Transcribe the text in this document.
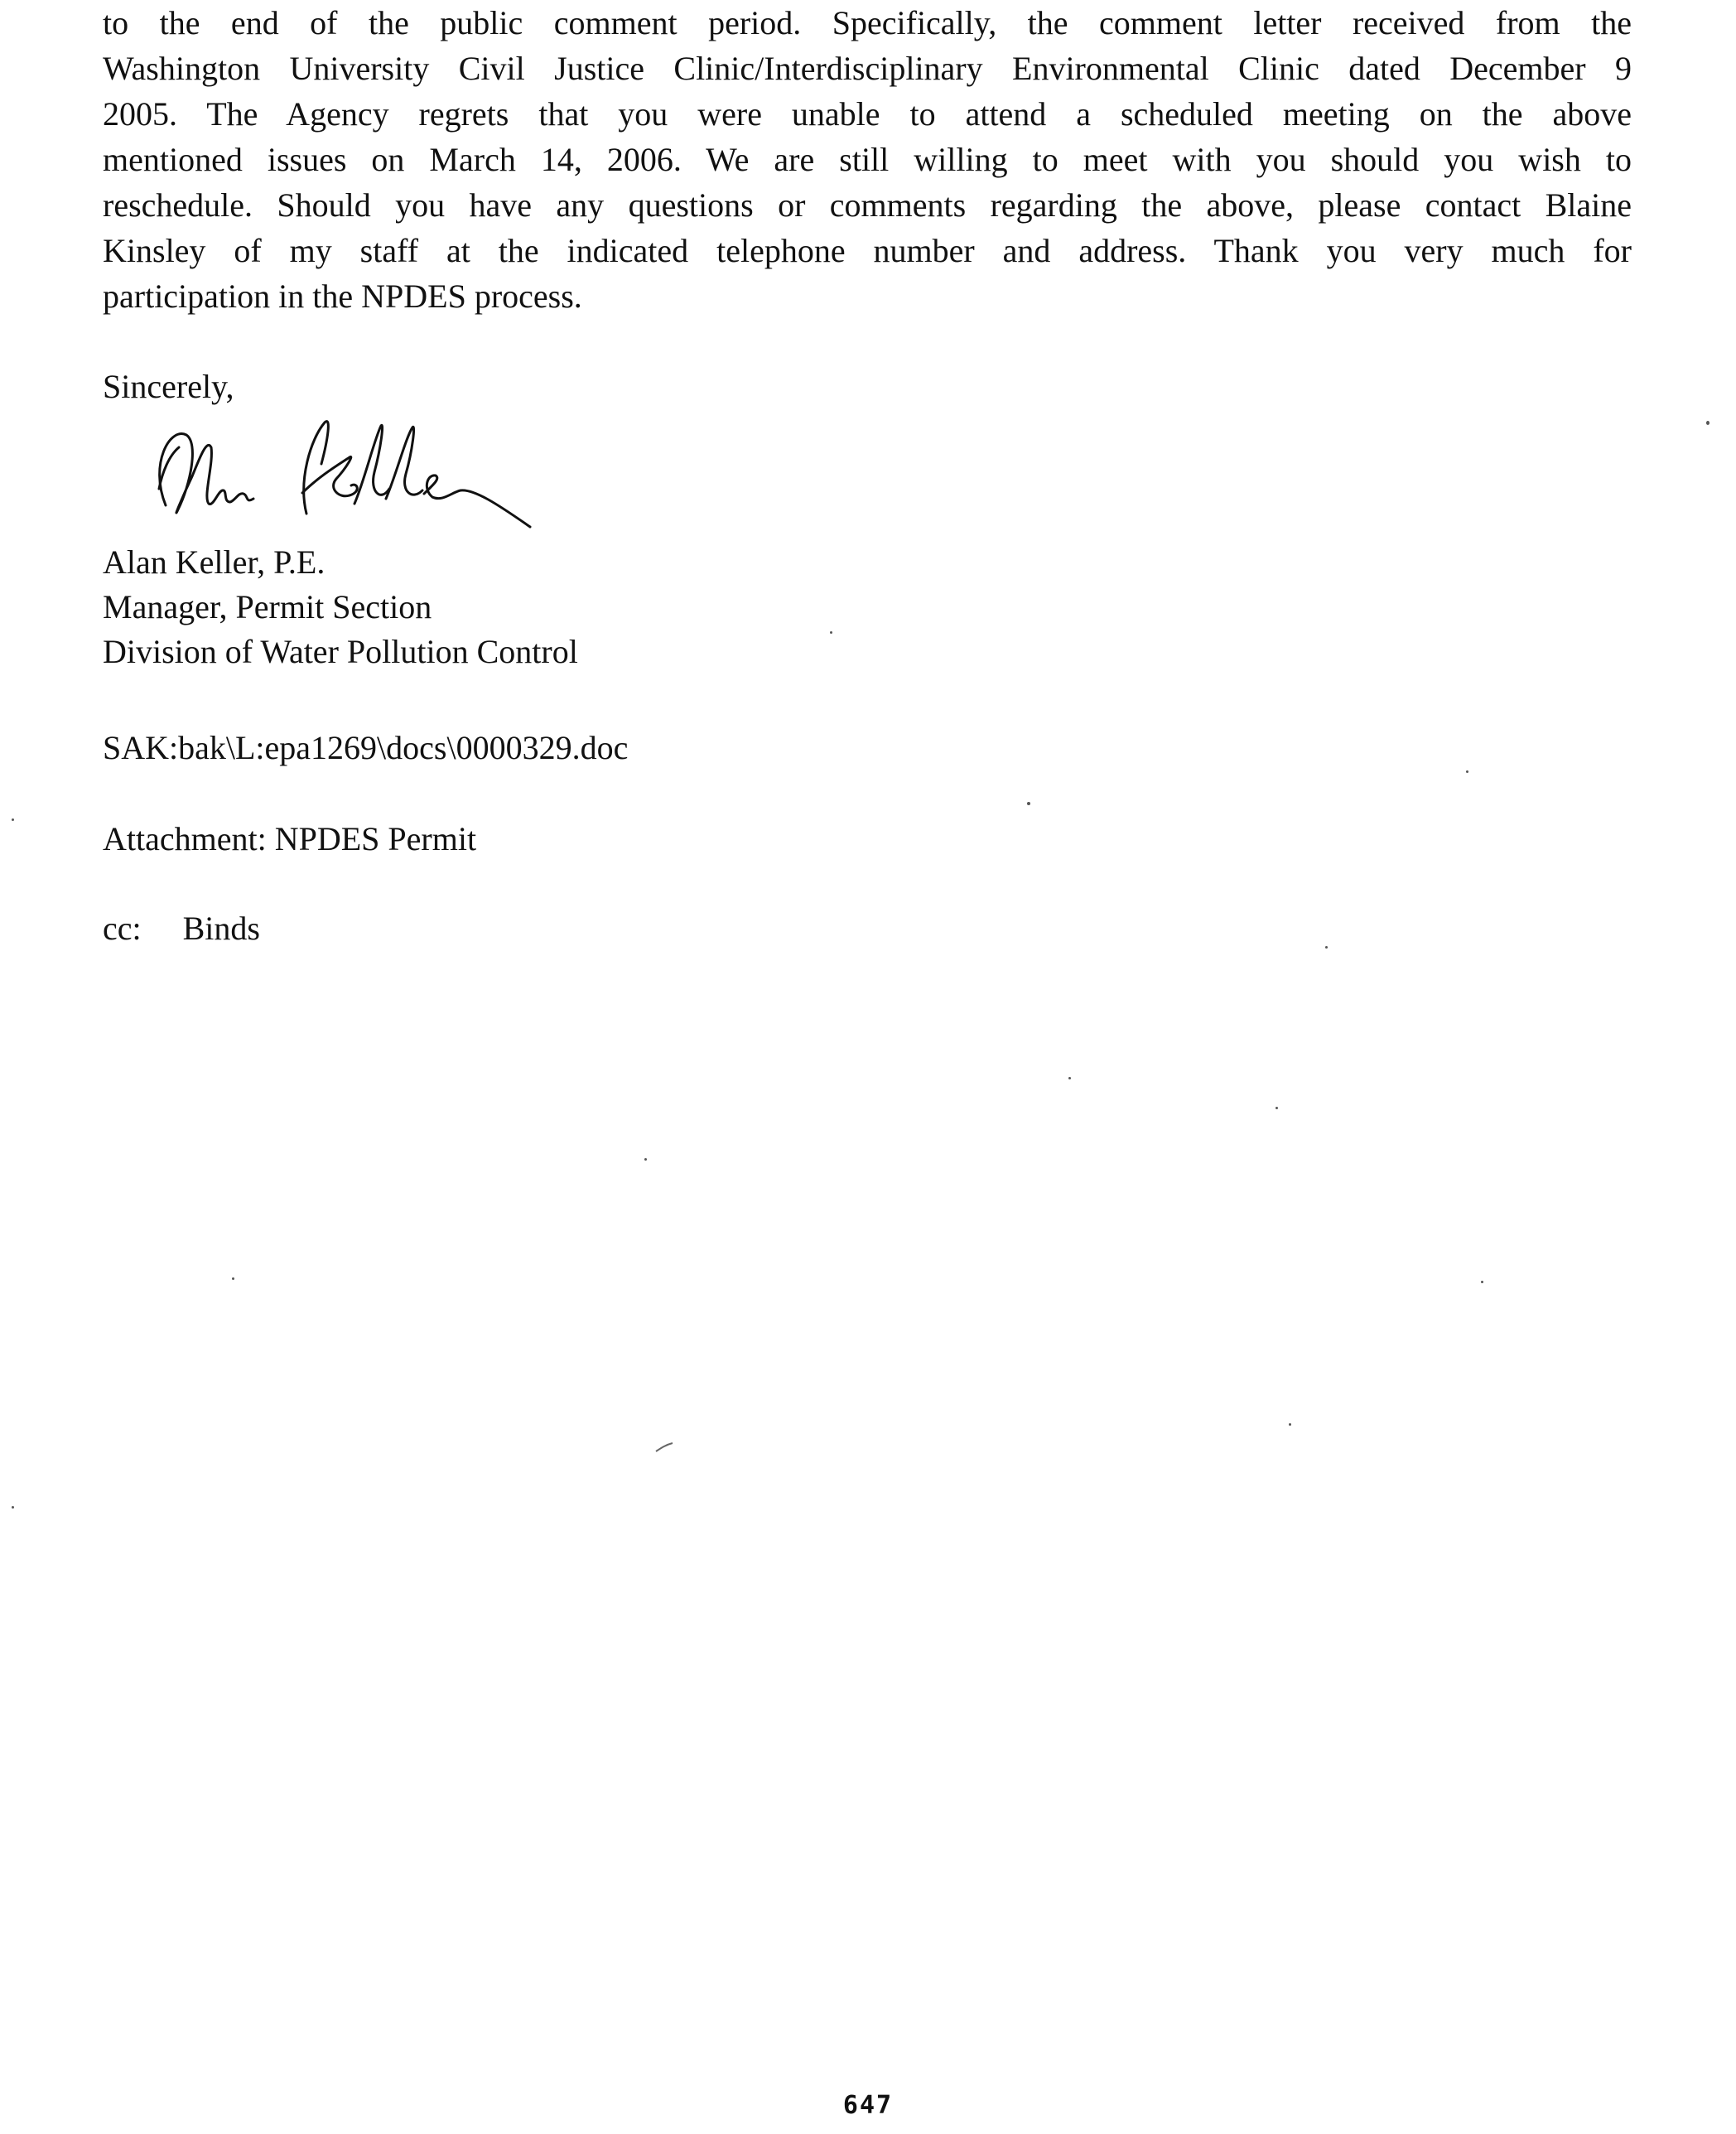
to the end of the public comment period. Specifically, the comment letter received from the
Washington University Civil Justice Clinic/Interdisciplinary Environmental Clinic dated December 9
2005. The Agency regrets that you were unable to attend a scheduled meeting on the above
mentioned issues on March 14, 2006. We are still willing to meet with you should you wish to
reschedule. Should you have any questions or comments regarding the above, please contact Blaine
Kinsley of my staff at the indicated telephone number and address. Thank you very much for
participation in the NPDES process.
Sincerely,
Alan Keller, P.E.
Manager, Permit Section
Division of Water Pollution Control
SAK:bak\L:epa1269\docs\0000329.doc
Attachment: NPDES Permit
cc: Binds
647
